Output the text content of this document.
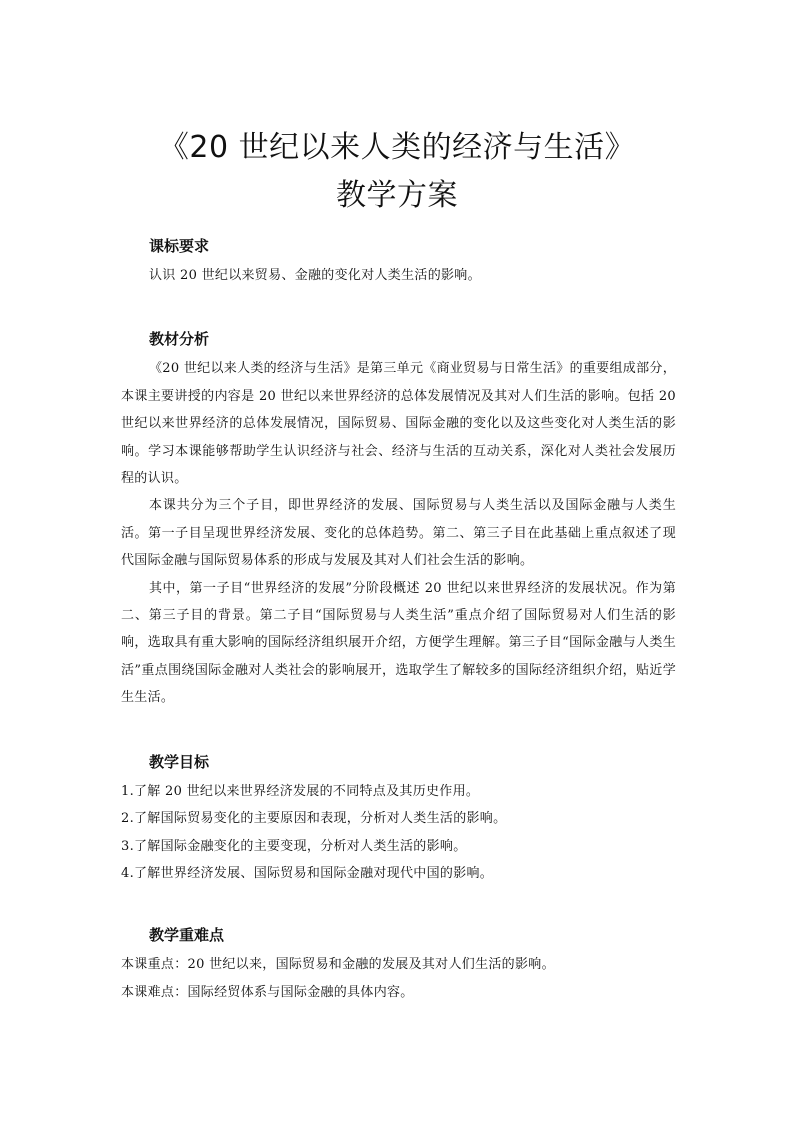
《20 世纪以来人类的经济与生活》

教学方案

课标要求

认识 20 世纪以来贸易、金融的变化对人类生活的影响。

教材分析

《20 世纪以来人类的经济与生活》是第三单元《商业贸易与日常生活》的重要组成部分，本课主要讲授的内容是 20 世纪以来世界经济的总体发展情况及其对人们生活的影响。包括 20 世纪以来世界经济的总体发展情况，国际贸易、国际金融的变化以及这些变化对人类生活的影响。学习本课能够帮助学生认识经济与社会、经济与生活的互动关系，深化对人类社会发展历程的认识。

本课共分为三个子目，即世界经济的发展、国际贸易与人类生活以及国际金融与人类生活。第一子目呈现世界经济发展、变化的总体趋势。第二、第三子目在此基础上重点叙述了现代国际金融与国际贸易体系的形成与发展及其对人们社会生活的影响。

其中，第一子目“世界经济的发展”分阶段概述 20 世纪以来世界经济的发展状况。作为第二、第三子目的背景。第二子目“国际贸易与人类生活”重点介绍了国际贸易对人们生活的影响，选取具有重大影响的国际经济组织展开介绍，方便学生理解。第三子目“国际金融与人类生活”重点围绕国际金融对人类社会的影响展开，选取学生了解较多的国际经济组织介绍，贴近学生生活。

教学目标

1.了解 20 世纪以来世界经济发展的不同特点及其历史作用。

2.了解国际贸易变化的主要原因和表现，分析对人类生活的影响。

3.了解国际金融变化的主要变现，分析对人类生活的影响。

4.了解世界经济发展、国际贸易和国际金融对现代中国的影响。

教学重难点

本课重点：20 世纪以来，国际贸易和金融的发展及其对人们生活的影响。

本课难点：国际经贸体系与国际金融的具体内容。
